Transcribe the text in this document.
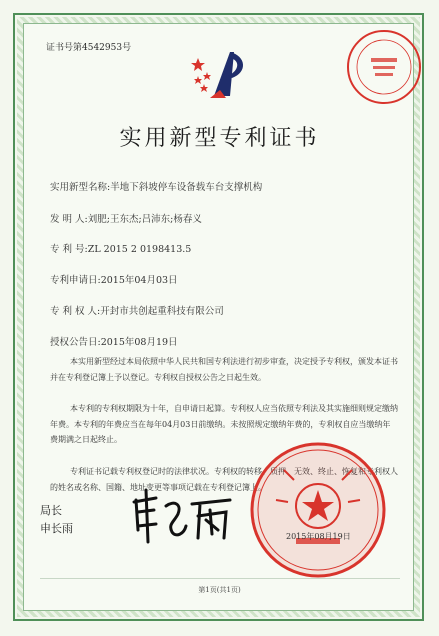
证书号第4542953号
实用新型专利证书
实用新型名称:半地下斜坡停车设备载车台支撑机构
发 明 人:刘肥;王东杰;吕沛东;杨春义
专 利 号:ZL 2015 2 0198413.5
专利申请日:2015年04月03日
专 利 权 人:开封市共创起重科技有限公司
授权公告日:2015年08月19日
本实用新型经过本局依照中华人民共和国专利法进行初步审查，决定授予专利权，颁发本证书并在专利登记簿上予以登记。专利权自授权公告之日起生效。
本专利的专利权期限为十年，自申请日起算。专利权人应当依照专利法及其实施细则规定缴纳年费。本专利的年费应当在每年04月03日前缴纳。未按照规定缴纳年费的，专利权自应当缴纳年费期满之日起终止。
专利证书记载专利权登记时的法律状况。专利权的转移、质押、无效、终止、恢复和专利权人的姓名或名称、国籍、地址变更等事项记载在专利登记簿上。
局长
申长雨
2015年08月19日
第1页(共1页)
